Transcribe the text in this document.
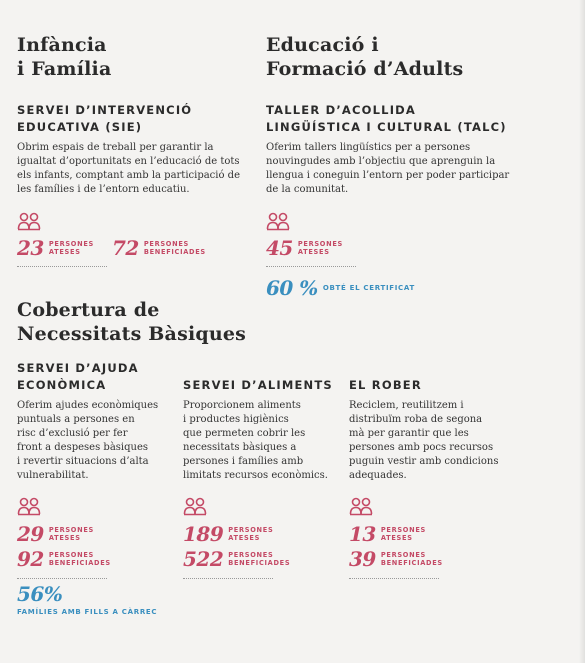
Infància
i Família
SERVEI D’INTERVENCIÓ
EDUCATIVA (SIE)
Obrim espais de treball per garantir la
igualtat d’oportunitats en l’educació de tots
els infants, comptant amb la participació de
les famílies i de l’entorn educatiu.
23 PERSONES
ATESES	72 PERSONES
BENEFICIADES
Educació i
Formació d’Adults
TALLER D’ACOLLIDA
LINGÜÍSTICA I CULTURAL (TALC)
Oferim tallers lingüístics per a persones
nouvingudes amb l’objectiu que aprenguin la
llengua i coneguin l’entorn per poder participar
de la comunitat.
45 PERSONES
ATESES
60 % OBTÉ EL CERTIFICAT
Cobertura de
Necessitats Bàsiques
SERVEI D’AJUDA
ECONÒMICA
Oferim ajudes econòmiques
puntuals a persones en
risc d’exclusió per fer
front a despeses bàsiques
i revertir situacions d’alta
vulnerabilitat.
29 PERSONES
ATESES
92 PERSONES
BENEFICIADES
56%
FAMÍLIES AMB FILLS A CÀRREC
SERVEI D’ALIMENTS
Proporcionem aliments
i productes higiènics
que permeten cobrir les
necessitats bàsiques a
persones i famílies amb
limitats recursos econòmics.
189 PERSONES
ATESES
522 PERSONES
BENEFICIADES
EL ROBER
Reciclem, reutilitzem i
distribuïm roba de segona
mà per garantir que les
persones amb pocs recursos
puguin vestir amb condicions
adequades.
13 PERSONES
ATESES
39 PERSONES
BENEFICIADES
